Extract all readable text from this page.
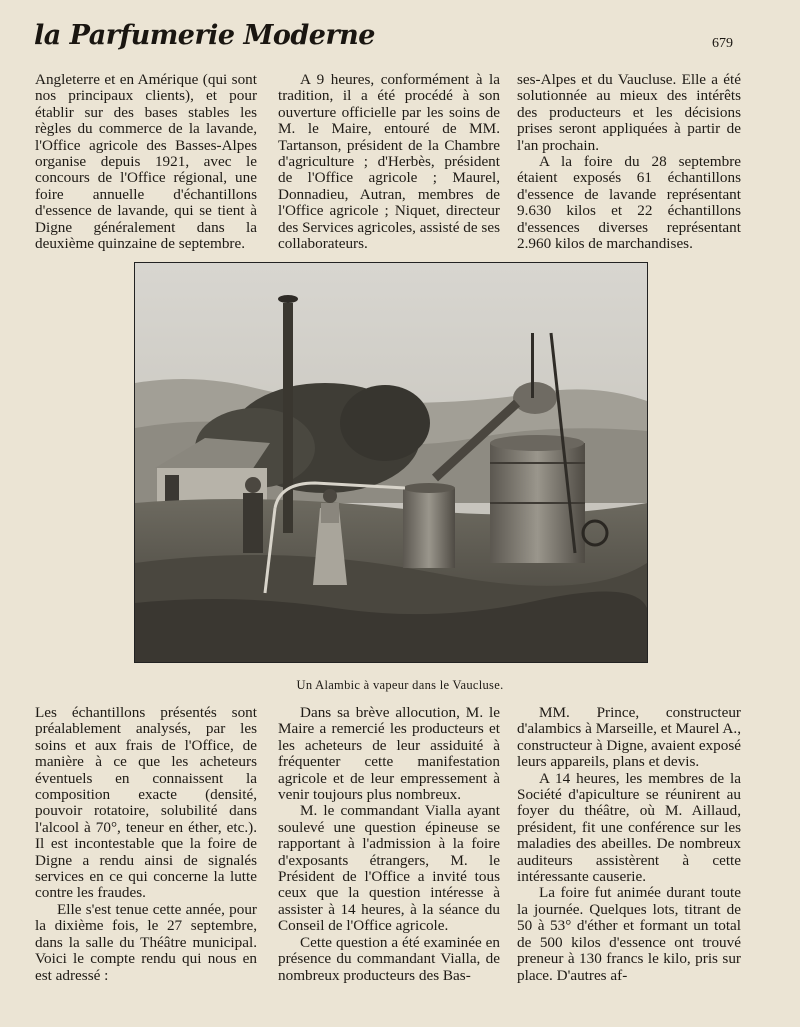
la Parfumerie Moderne	679

Angleterre et en Amérique (qui sont nos principaux clients), et pour établir sur des bases stables les règles du commerce de la lavande, l'Office agricole des Basses-Alpes organise depuis 1921, avec le concours de l'Office régional, une foire annuelle d'échantillons d'essence de lavande, qui se tient à Digne généralement dans la deuxième quinzaine de septembre.

A 9 heures, conformément à la tradition, il a été procédé à son ouverture officielle par les soins de M. le Maire, entouré de MM. Tartanson, président de la Chambre d'agriculture ; d'Herbès, président de l'Office agricole ; Maurel, Donnadieu, Autran, membres de l'Office agricole ; Niquet, directeur des Services agricoles, assisté de ses collaborateurs.

ses-Alpes et du Vaucluse. Elle a été solutionnée au mieux des intérêts des producteurs et les décisions prises seront appliquées à partir de l'an prochain.

A la foire du 28 septembre étaient exposés 61 échantillons d'essence de lavande représentant 9.630 kilos et 22 échantillons d'essences diverses représentant 2.960 kilos de marchandises.

Un Alambic à vapeur dans le Vaucluse.

Les échantillons présentés sont préalablement analysés, par les soins et aux frais de l'Office, de manière à ce que les acheteurs éventuels en connaissent la composition exacte (densité, pouvoir rotatoire, solubilité dans l'alcool à 70°, teneur en éther, etc.). Il est incontestable que la foire de Digne a rendu ainsi de signalés services en ce qui concerne la lutte contre les fraudes.

Elle s'est tenue cette année, pour la dixième fois, le 27 septembre, dans la salle du Théâtre municipal. Voici le compte rendu qui nous en est adressé :

Dans sa brève allocution, M. le Maire a remercié les producteurs et les acheteurs de leur assiduité à fréquenter cette manifestation agricole et de leur empressement à venir toujours plus nombreux.

M. le commandant Vialla ayant soulevé une question épineuse se rapportant à l'admission à la foire d'exposants étrangers, M. le Président de l'Office a invité tous ceux que la question intéresse à assister à 14 heures, à la séance du Conseil de l'Office agricole.

Cette question a été examinée en présence du commandant Vialla, de nombreux producteurs des Bas-

MM. Prince, constructeur d'alambics à Marseille, et Maurel A., constructeur à Digne, avaient exposé leurs appareils, plans et devis.

A 14 heures, les membres de la Société d'apiculture se réunirent au foyer du théâtre, où M. Aillaud, président, fit une conférence sur les maladies des abeilles. De nombreux auditeurs assistèrent à cette intéressante causerie.

La foire fut animée durant toute la journée. Quelques lots, titrant de 50 à 53° d'éther et formant un total de 500 kilos d'essence ont trouvé preneur à 130 francs le kilo, pris sur place. D'autres af-
